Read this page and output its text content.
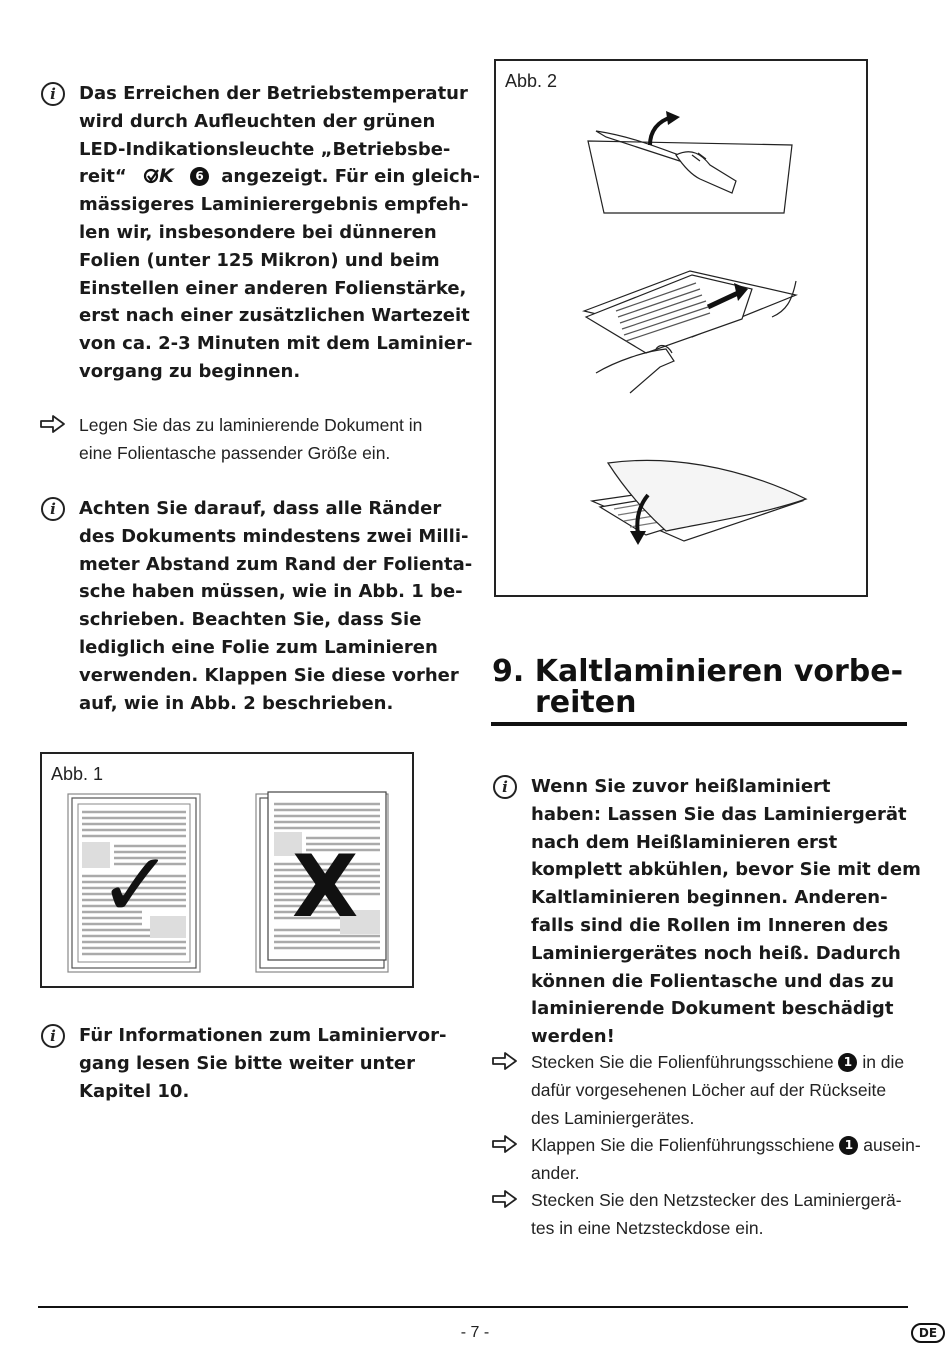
i	Das Erreichen der Betriebstemperatur
wird durch Aufleuchten der grünen
LED-Indikationsleuchte „Betriebsbe-
reit“ K 6 angezeigt. Für ein gleich-
mässigeres Laminierergebnis empfeh-
len wir, insbesondere bei dünneren
Folien (unter 125 Mikron) und beim
Einstellen einer anderen Folienstärke,
erst nach einer zusätzlichen Wartezeit
von ca. 2-3 Minuten mit dem Laminier-
vorgang zu beginnen.
Legen Sie das zu laminierende Dokument in
eine Folientasche passender Größe ein.
i	Achten Sie darauf, dass alle Ränder
des Dokuments mindestens zwei Milli-
meter Abstand zum Rand der Folienta-
sche haben müssen, wie in Abb. 1 be-
schrieben. Beachten Sie, dass Sie
lediglich eine Folie zum Laminieren
verwenden. Klappen Sie diese vorher
auf, wie in Abb. 2 beschrieben.
Abb. 1
✓ X
i	Für Informationen zum Laminiervor-
gang lesen Sie bitte weiter unter
Kapitel 10.
Abb. 2
9. Kaltlaminieren vorbe-
reiten
i	Wenn Sie zuvor heißlaminiert
haben: Lassen Sie das Laminiergerät
nach dem Heißlaminieren erst
komplett abkühlen, bevor Sie mit dem
Kaltlaminieren beginnen. Anderen-
falls sind die Rollen im Inneren des
Laminiergerätes noch heiß. Dadurch
können die Folientasche und das zu
laminierende Dokument beschädigt
werden!
Stecken Sie die Folienführungsschiene 1 in die
dafür vorgesehenen Löcher auf der Rückseite
des Laminiergerätes.
Klappen Sie die Folienführungsschiene 1 ausein-
ander.
Stecken Sie den Netzstecker des Laminiergerä-
tes in eine Netzsteckdose ein.
- 7 -	DE
